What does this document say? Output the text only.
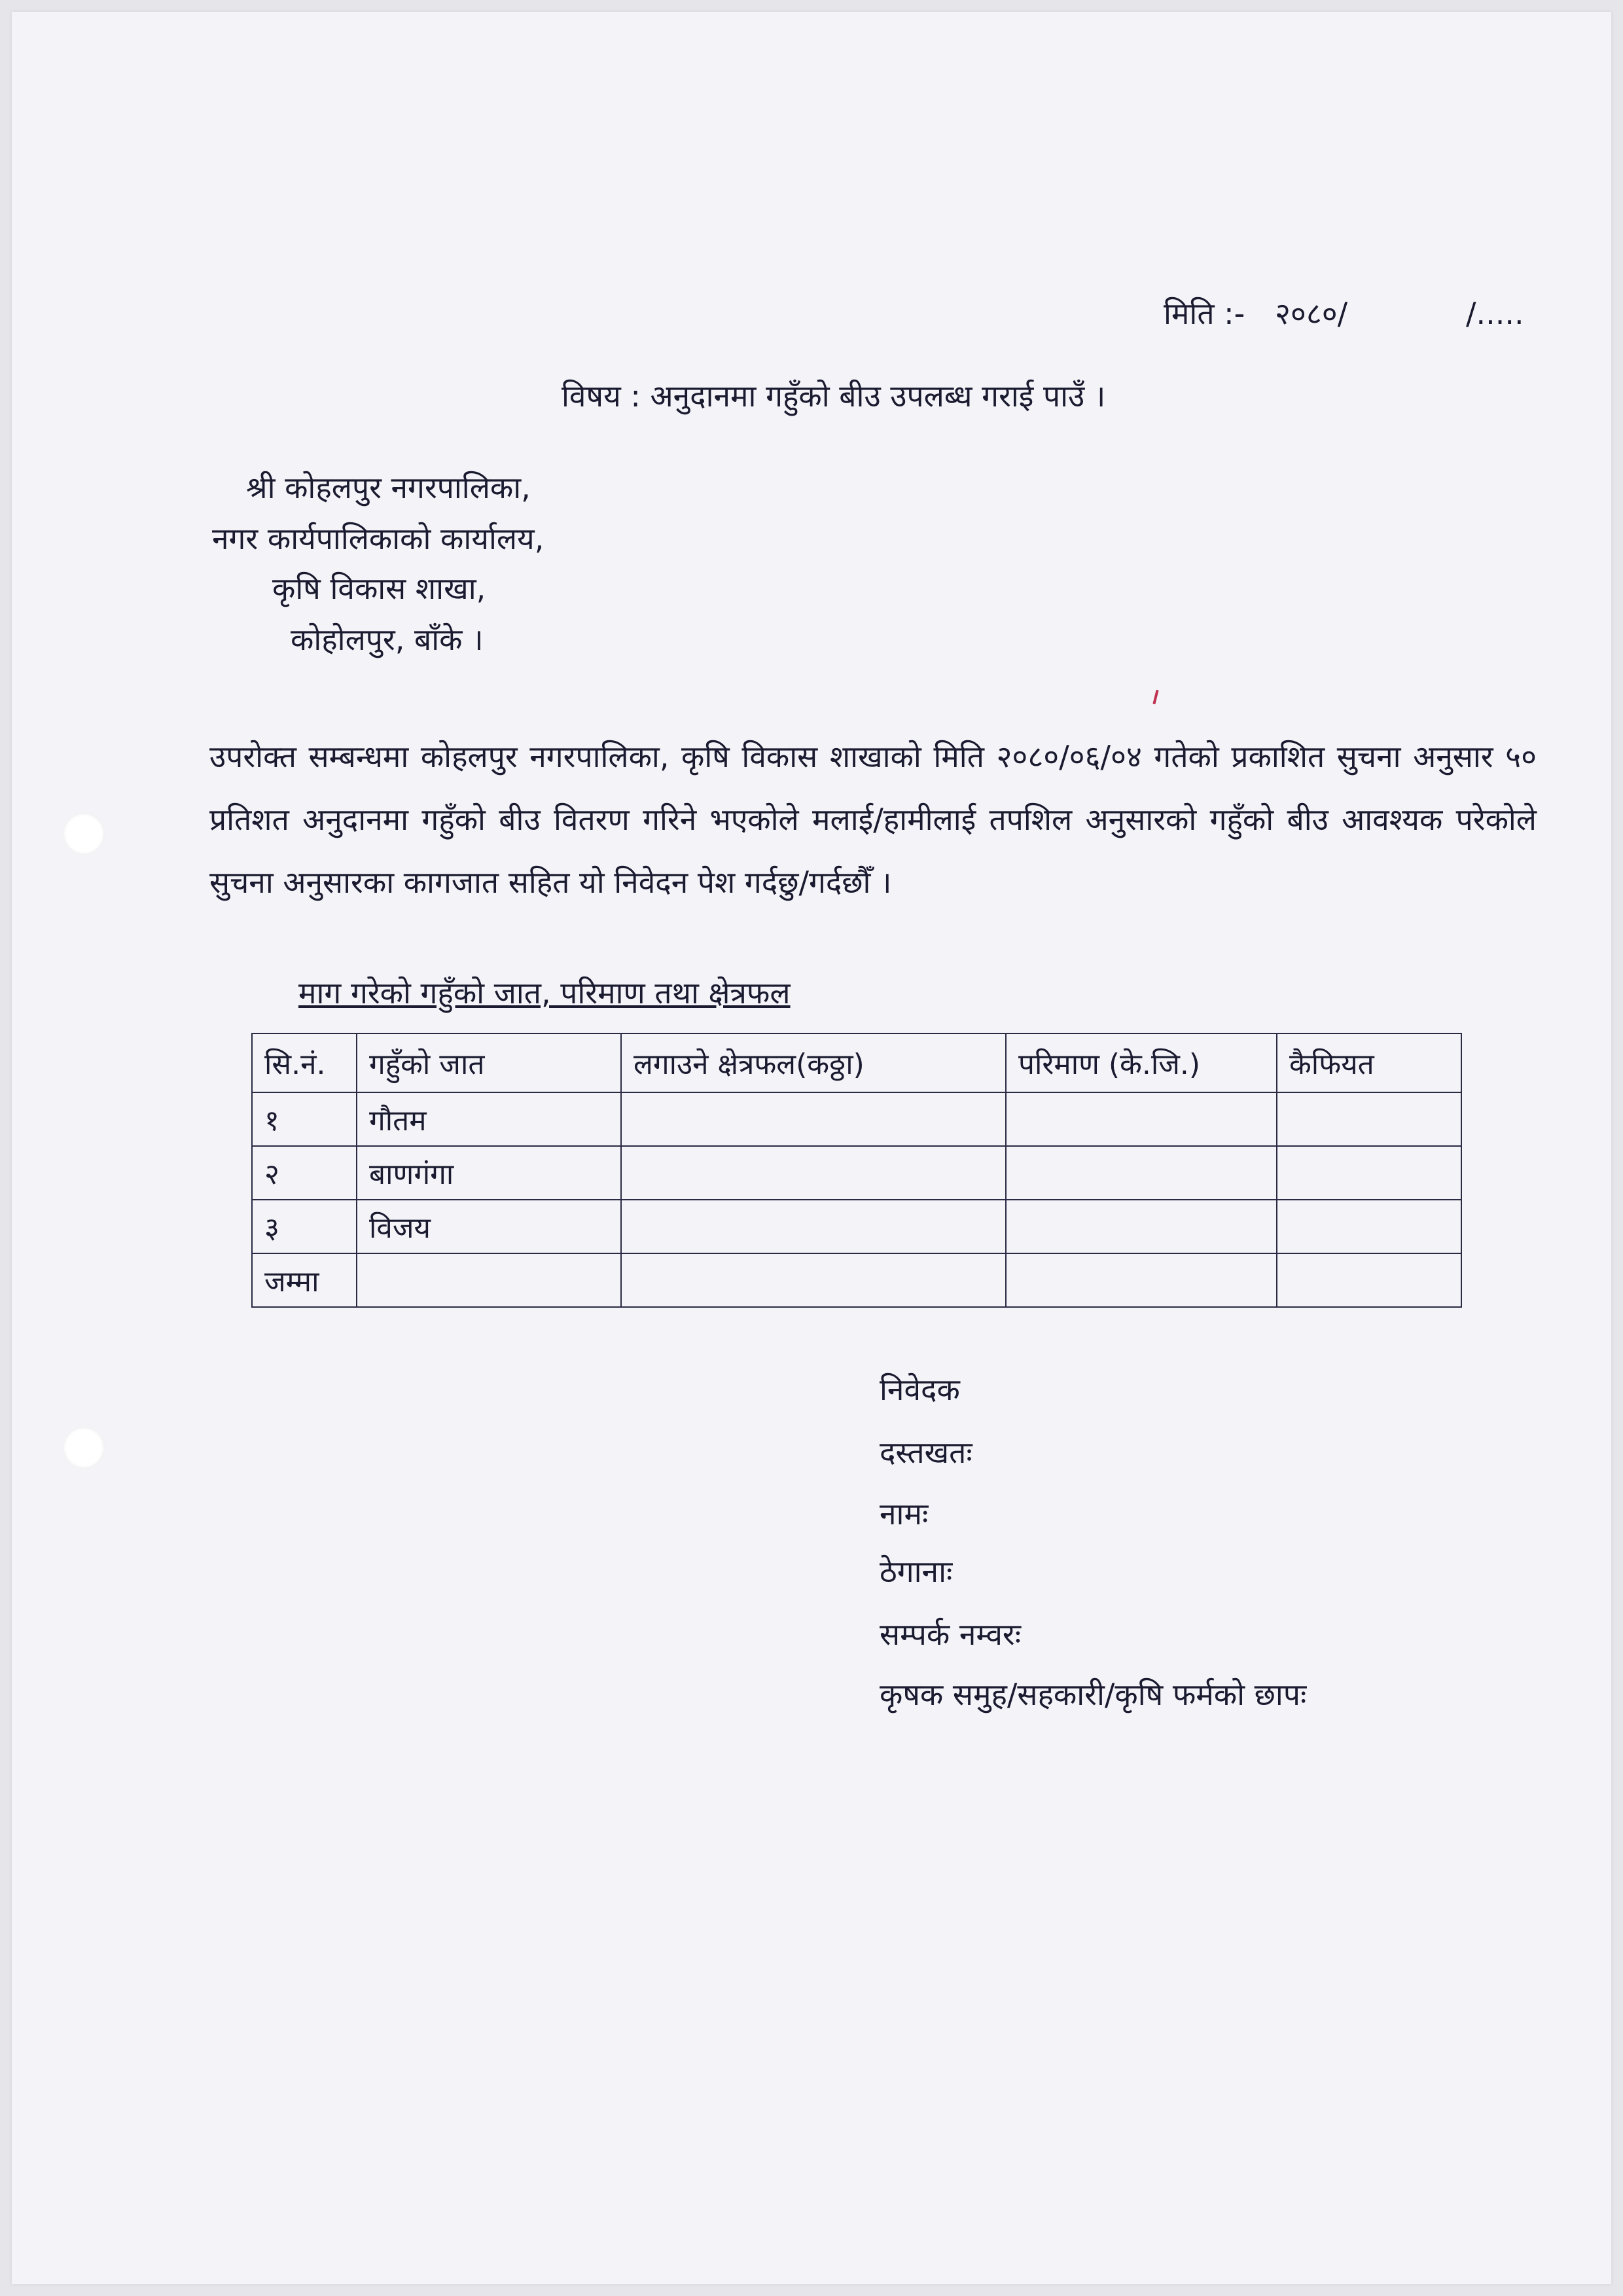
मिति :- २०८०/	/.....
विषय : अनुदानमा गहुँको बीउ उपलब्ध गराई पाउँ ।
श्री कोहलपुर नगरपालिका,
नगर कार्यपालिकाको कार्यालय,
कृषि विकास शाखा,
कोहोलपुर, बाँके ।
उपरोक्त सम्बन्धमा कोहलपुर नगरपालिका, कृषि विकास शाखाको मिति २०८०/०६/०४ गतेको प्रकाशित सुचना अनुसार ५० प्रतिशत अनुदानमा गहुँको बीउ वितरण गरिने भएकोले मलाई/हामीलाई तपशिल अनुसारको गहुँको बीउ आवश्यक परेकोले सुचना अनुसारका कागजात सहित यो निवेदन पेश गर्दछु/गर्दछौँ ।
माग गरेको गहुँको जात, परिमाण तथा क्षेत्रफल
सि.नं.	गहुँको जात	लगाउने क्षेत्रफल(कठ्ठा)	परिमाण (के.जि.)	कैफियत
१	गौतम			
२	बाणगंगा			
३	विजय			
जम्मा				
निवेदक
दस्तखतः
नामः
ठेगानाः
सम्पर्क नम्वरः
कृषक समुह/सहकारी/कृषि फर्मको छापः
